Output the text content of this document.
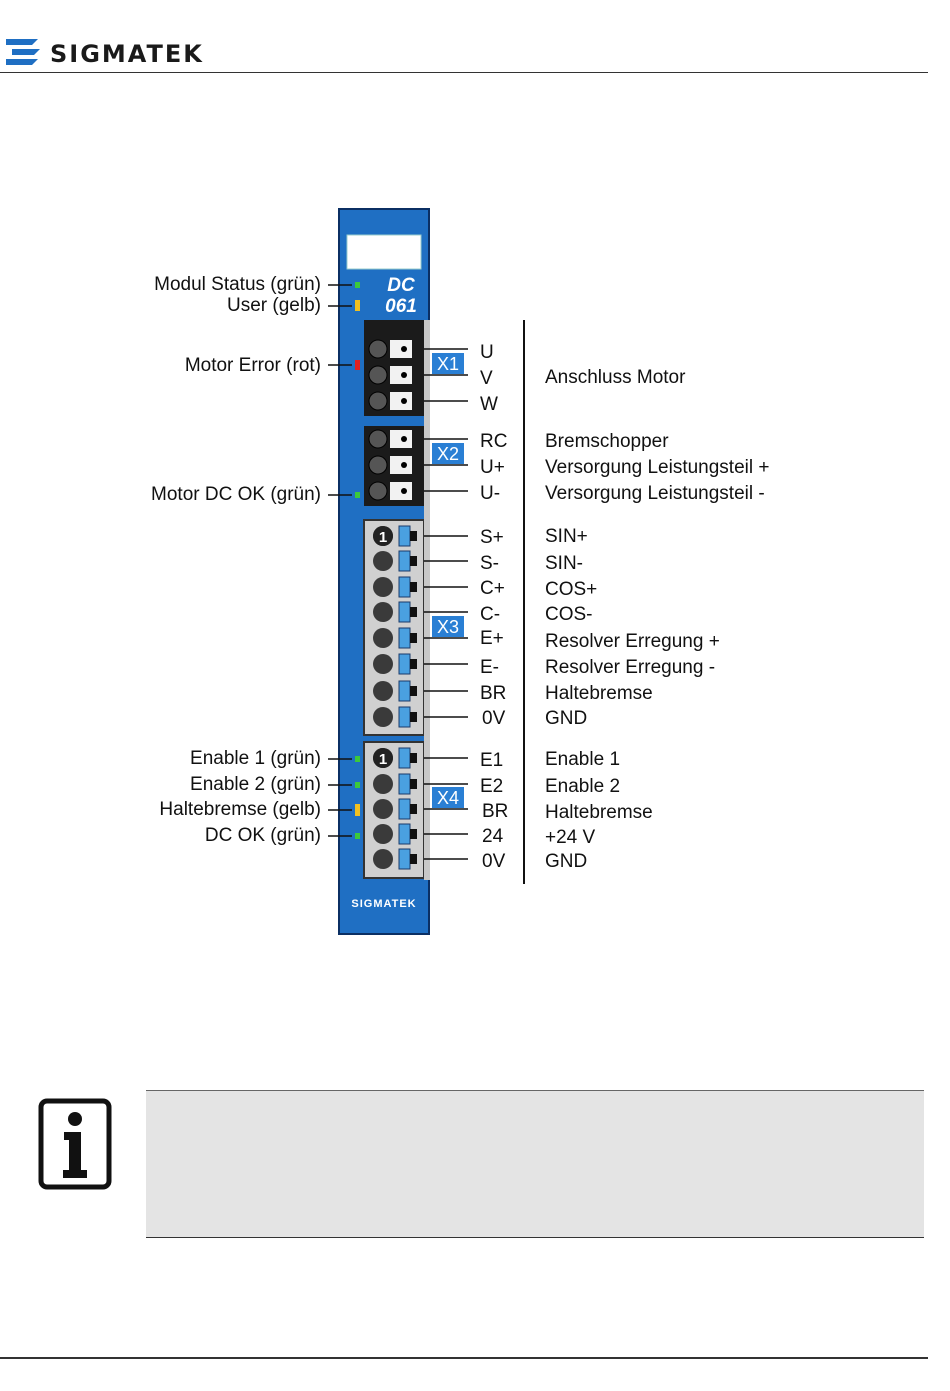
SIGMATEK
DC
061
SIGMATEK
1
1
X1
X2
X3
X4
U
V
W
RC
U+
U-
S+
S-
C+
C-
E+
E-
BR
0V
E1
E2
BR
24
0V
Anschluss Motor
Bremschopper
Versorgung Leistungsteil +
Versorgung Leistungsteil -
SIN+
SIN-
COS+
COS-
Resolver Erregung +
Resolver Erregung -
Haltebremse
GND
Enable 1
Enable 2
Haltebremse
+24 V
GND
Modul Status (grün)
User (gelb)
Motor Error (rot)
Motor DC OK (grün)
Enable 1 (grün)
Enable 2 (grün)
Haltebremse (gelb)
DC OK (grün)
